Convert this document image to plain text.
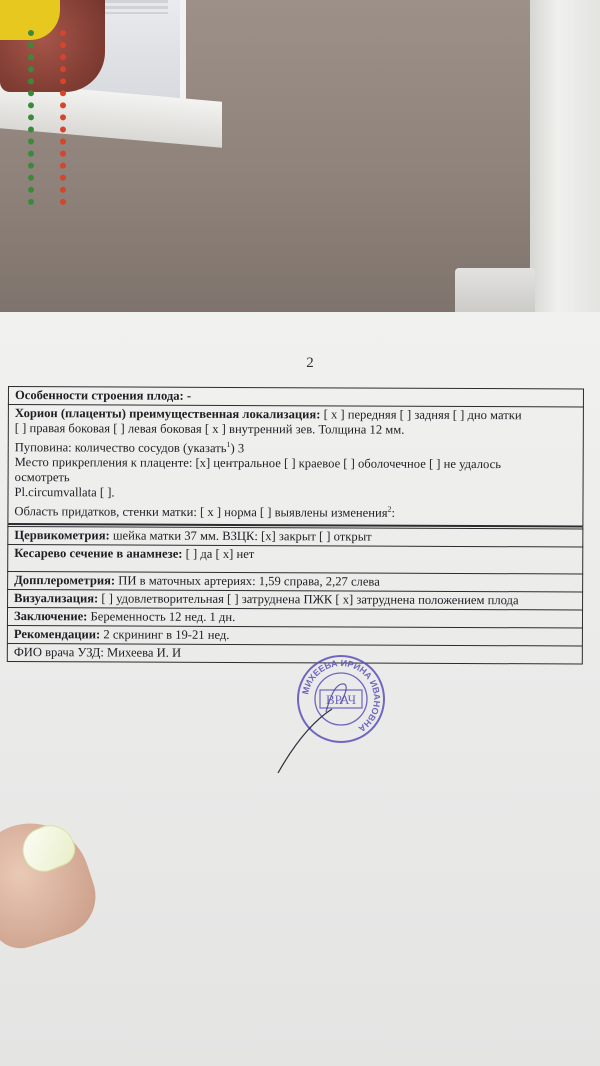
2
Особенности строения плода: -
Хорион (плаценты) преимущественная локализация: [ x ] передняя [ ] задняя [ ] дно матки
[ ] правая боковая [ ] левая боковая [ x ] внутренний зев. Толщина 12 мм.
Пуповина: количество сосудов (указать$^1$) 3
Место прикрепления к плаценте: [x] центральное [ ] краевое [ ] оболочечное [ ] не удалось
осмотреть
Pl.circumvallata [ ].
Область придатков, стенки матки: [ x ] норма [ ] выявлены изменения$^2$:
Цервикометрия: шейка матки 37 мм. ВЗЦК: [x] закрыт [ ] открыт
Кесарево сечение в анамнезе: [ ] да [ x] нет
Допплерометрия: ПИ в маточных артериях: 1,59 справа, 2,27 слева
Визуализация: [ ] удовлетворительная [ ] затруднена ПЖК [ x] затруднена положением плода
Заключение: Беременность 12 нед. 1 дн.
Рекомендации: 2 скрининг в 19-21 нед.
ФИО врача УЗД: Михеева И. И
МИХЕЕВА ИРИНА ИВАНОВНА
ВРАЧ
